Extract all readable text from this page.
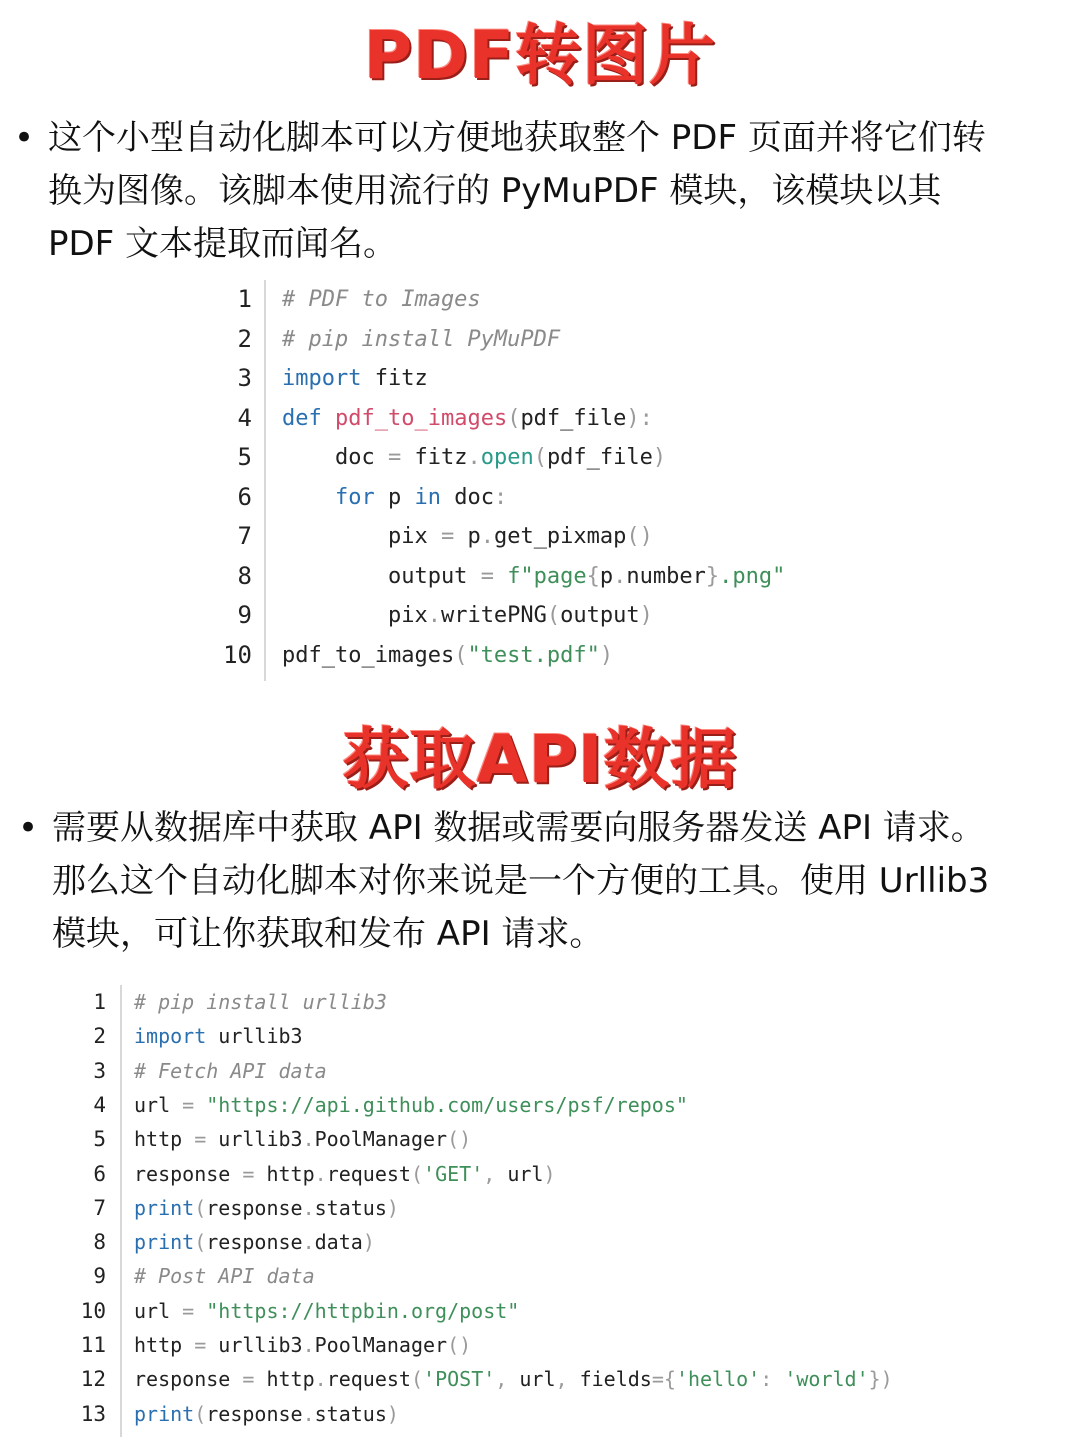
PDF转图片
• 这个小型自动化脚本可以方便地获取整个 PDF 页面并将它们转
换为图像。该脚本使用流行的 PyMuPDF 模块，该模块以其
PDF 文本提取而闻名。
1 # PDF to Images
2 # pip install PyMuPDF
3 import fitz
4 def pdf_to_images(pdf_file):
5 doc = fitz.open(pdf_file)
6	for p in doc:
7 pix = p.get_pixmap()
8 output = f"page{p.number}.png"
9 pix.writePNG(output)
10 pdf_to_images("test.pdf")
获取API数据
• 需要从数据库中获取 API 数据或需要向服务器发送 API 请求。
那么这个自动化脚本对你来说是一个方便的工具。使用 Urllib3
模块，可让你获取和发布 API 请求。
1 # pip install urllib3
2 import urllib3
3 # Fetch API data
4 url = "https://api.github.com/users/psf/repos"
5 http = urllib3.PoolManager()
6 response = http.request('GET', url)
7 print(response.status)
8 print(response.data)
9 # Post API data
10 url = "https://httpbin.org/post"
11 http = urllib3.PoolManager()
12 response = http.request('POST', url, fields={'hello': 'world'})
13 print(response.status)
